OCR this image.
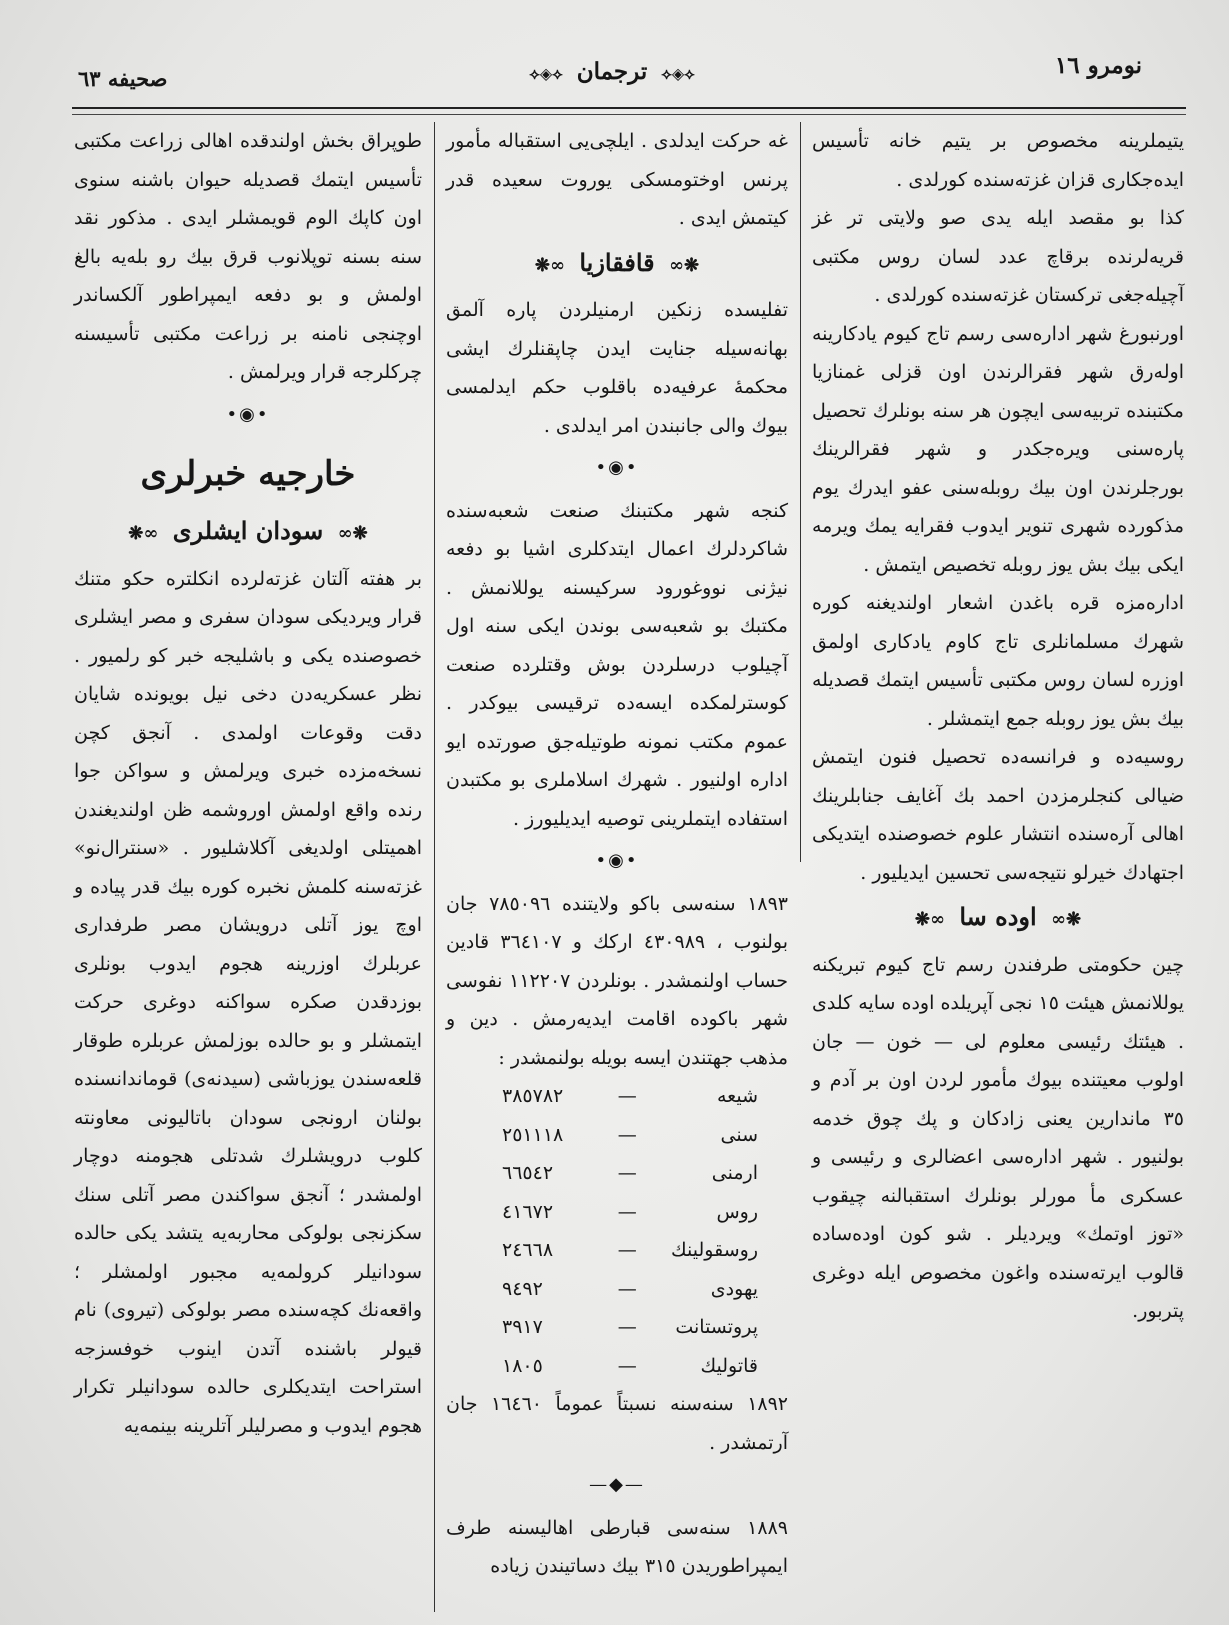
صحيفه ٦٣	⟡◈⟡ ترجمان ⟡◈⟡	نومرو ١٦

يتيملرينه مخصوص بر يتيم خانه تأسيس ايده‌جكارى قزان غزته‌سنده كورلدى .

كذا بو مقصد ايله يدى صو ولايتى تر غز قريه‌لرنده برقاچ عدد لسان روس مكتبى آچيله‌جغى تركستان غزته‌سنده كورلدى .

اورنبورغ شهر اداره‌سى رسم تاج كيوم يادكارينه اوله‌رق شهر فقرالرندن اون قزلى غمنازيا مكتبنده تربيه‌سى ايچون هر سنه بونلرك تحصيل پاره‌سنى ويره‌جكدر و شهر فقرالرينك بورجلرندن اون بيك روبله‌سنى عفو ايدرك يوم مذكورده شهرى تنوير ايدوب فقرايه يمك ويرمه ايكى بيك بش يوز روبله تخصيص ايتمش .

اداره‌مزه قره باغدن اشعار اولنديغنه كوره شهرك مسلمانلرى تاج كاوم يادكارى اولمق اوزره لسان روس مكتبى تأسيس ايتمك قصديله بيك بش يوز روبله جمع ايتمشلر .

روسيه‌ده و فرانسه‌ده تحصيل فنون ايتمش ضيالى كنجلرمزدن احمد بك آغايف جنابلرينك اهالى آره‌سنده انتشار علوم خصوصنده ايتديكى اجتهادك خيرلو نتيجه‌سى تحسين ايديليور .

∞❋ اوده سا ❋∞

چين حكومتى طرفندن رسم تاج كيوم تبريكنه يوللانمش هيئت ١٥ نجى آپريلده اوده سايه كلدى . هيئتك رئيسى معلوم لى — خون — جان اولوب معيتنده بيوك مأمور لردن اون بر آدم و ٣٥ ماندارين يعنى زادكان و پك چوق خدمه بولنيور . شهر اداره‌سى اعضالرى و رئيسى و عسكرى مأ مورلر بونلرك استقبالنه چيقوب «توز اوتمك» ويرديلر . شو كون اوده‌ساده قالوب ايرته‌سنده واغون مخصوص ايله دوغرى پتربور.

غه حركت ايدلدى . ايلچى‌يى استقباله مأمور پرنس اوختومسكى يوروت سعيده قدر كيتمش ايدى .

∞❋ قافقازيا ❋∞

تفليسده زنكين ارمنيلردن پاره آلمق بهانه‌سيله جنايت ايدن چاپقنلرك ايشى محكمهٔ عرفيه‌ده باقلوب حكم ايدلمسى بيوك والى جانبندن امر ايدلدى .

•◉•

كنجه شهر مكتبنك صنعت شعبه‌سنده شاكردلرك اعمال ايتدكلرى اشيا بو دفعه نيژنى نووغورود سركيسنه يوللانمش . مكتبك بو شعبه‌سى بوندن ايكى سنه اول آچيلوب درسلردن بوش وقتلرده صنعت كوسترلمكده ايسه‌ده ترقيسى بيوكدر . عموم مكتب نمونه طوتيله‌جق صورتده ايو اداره اولنيور . شهرك اسلاملرى بو مكتبدن استفاده ايتملرينى توصيه ايديليورز .

•◉•

١٨٩٣ سنه‌سى باكو ولايتنده ٧٨٥٠٩٦ جان بولنوب ، ٤٣٠٩٨٩ اركك و ٣٦٤١٠٧ قادين حساب اولنمشدر . بونلردن ١١٢٢٠٧ نفوسى شهر باكوده اقامت ايديه‌رمش . دين و مذهب جهتندن ايسه بويله بولنمشدر :

شيعه	—	٣٨٥٧٨٢
سنى	—	٢٥١١١٨
ارمنى	—	٦٦٥٤٢
روس	—	٤١٦٧٢
روسقولينك	—	٢٤٦٦٨
يهودى	—	٩٤٩٢
پروتستانت	—	٣٩١٧
قاتوليك	—	١٨٠٥

١٨٩٢ سنه‌سنه نسبتاً عموماً ١٦٤٦٠ جان آرتمشدر .

—◆—

١٨٨٩ سنه‌سى قبارطى اهاليسنه طرف ايمپراطوريدن ٣١٥ بيك دساتيندن زياده

طوپراق بخش اولندقده اهالى زراعت مكتبى تأسيس ايتمك قصديله حيوان باشنه سنوى اون كاپك الوم قويمشلر ايدى . مذكور نقد سنه بسنه توپلانوب قرق بيك رو بله‌يه بالغ اولمش و بو دفعه ايمپراطور آلكساندر اوچنجى نامنه بر زراعت مكتبى تأسيسنه چركلرجه قرار ويرلمش .

•◉•
خارجيه خبرلرى
∞❋ سودان ايشلرى ❋∞

بر هفته آلتان غزته‌لرده انكلتره حكو متنك قرار ويرديكى سودان سفرى و مصر ايشلرى خصوصنده يكى و باشليجه خبر كو رلميور . نظر عسكريه‌دن دخى نيل بويونده شايان دقت وقوعات اولمدى . آنجق كچن نسخه‌مزده خبرى ويرلمش و سواكن جوا رنده واقع اولمش اوروشمه ظن اولنديغندن اهميتلى اولديغى آكلاشليور . «سنترال‌نو» غزته‌سنه كلمش نخبره كوره بيك قدر پياده و اوچ يوز آتلى درويشان مصر طرفدارى عربلرك اوزرينه هجوم ايدوب بونلرى بوزدقدن صكره سواكنه دوغرى حركت ايتمشلر و بو حالده بوزلمش عربلره طوقار قلعه‌سندن يوزباشى (سيدنه‌ى) قوماندانسنده بولنان ارونجى سودان باتاليونى معاونته كلوب درويشلرك شدتلى هجومنه دوچار اولمشدر ؛ آنجق سواكندن مصر آتلى سنك سكزنجى بولوكى محاربه‌يه يتشد يكى حالده سودانيلر كرولمه‌يه مجبور اولمشلر ؛ واقعه‌نك كچه‌سنده مصر بولوكى (تيروى) نام قيولر باشنده آتدن اينوب خوفسزجه استراحت ايتديكلرى حالده سودانيلر تكرار هجوم ايدوب و مصرليلر آتلرينه بينمه‌يه
